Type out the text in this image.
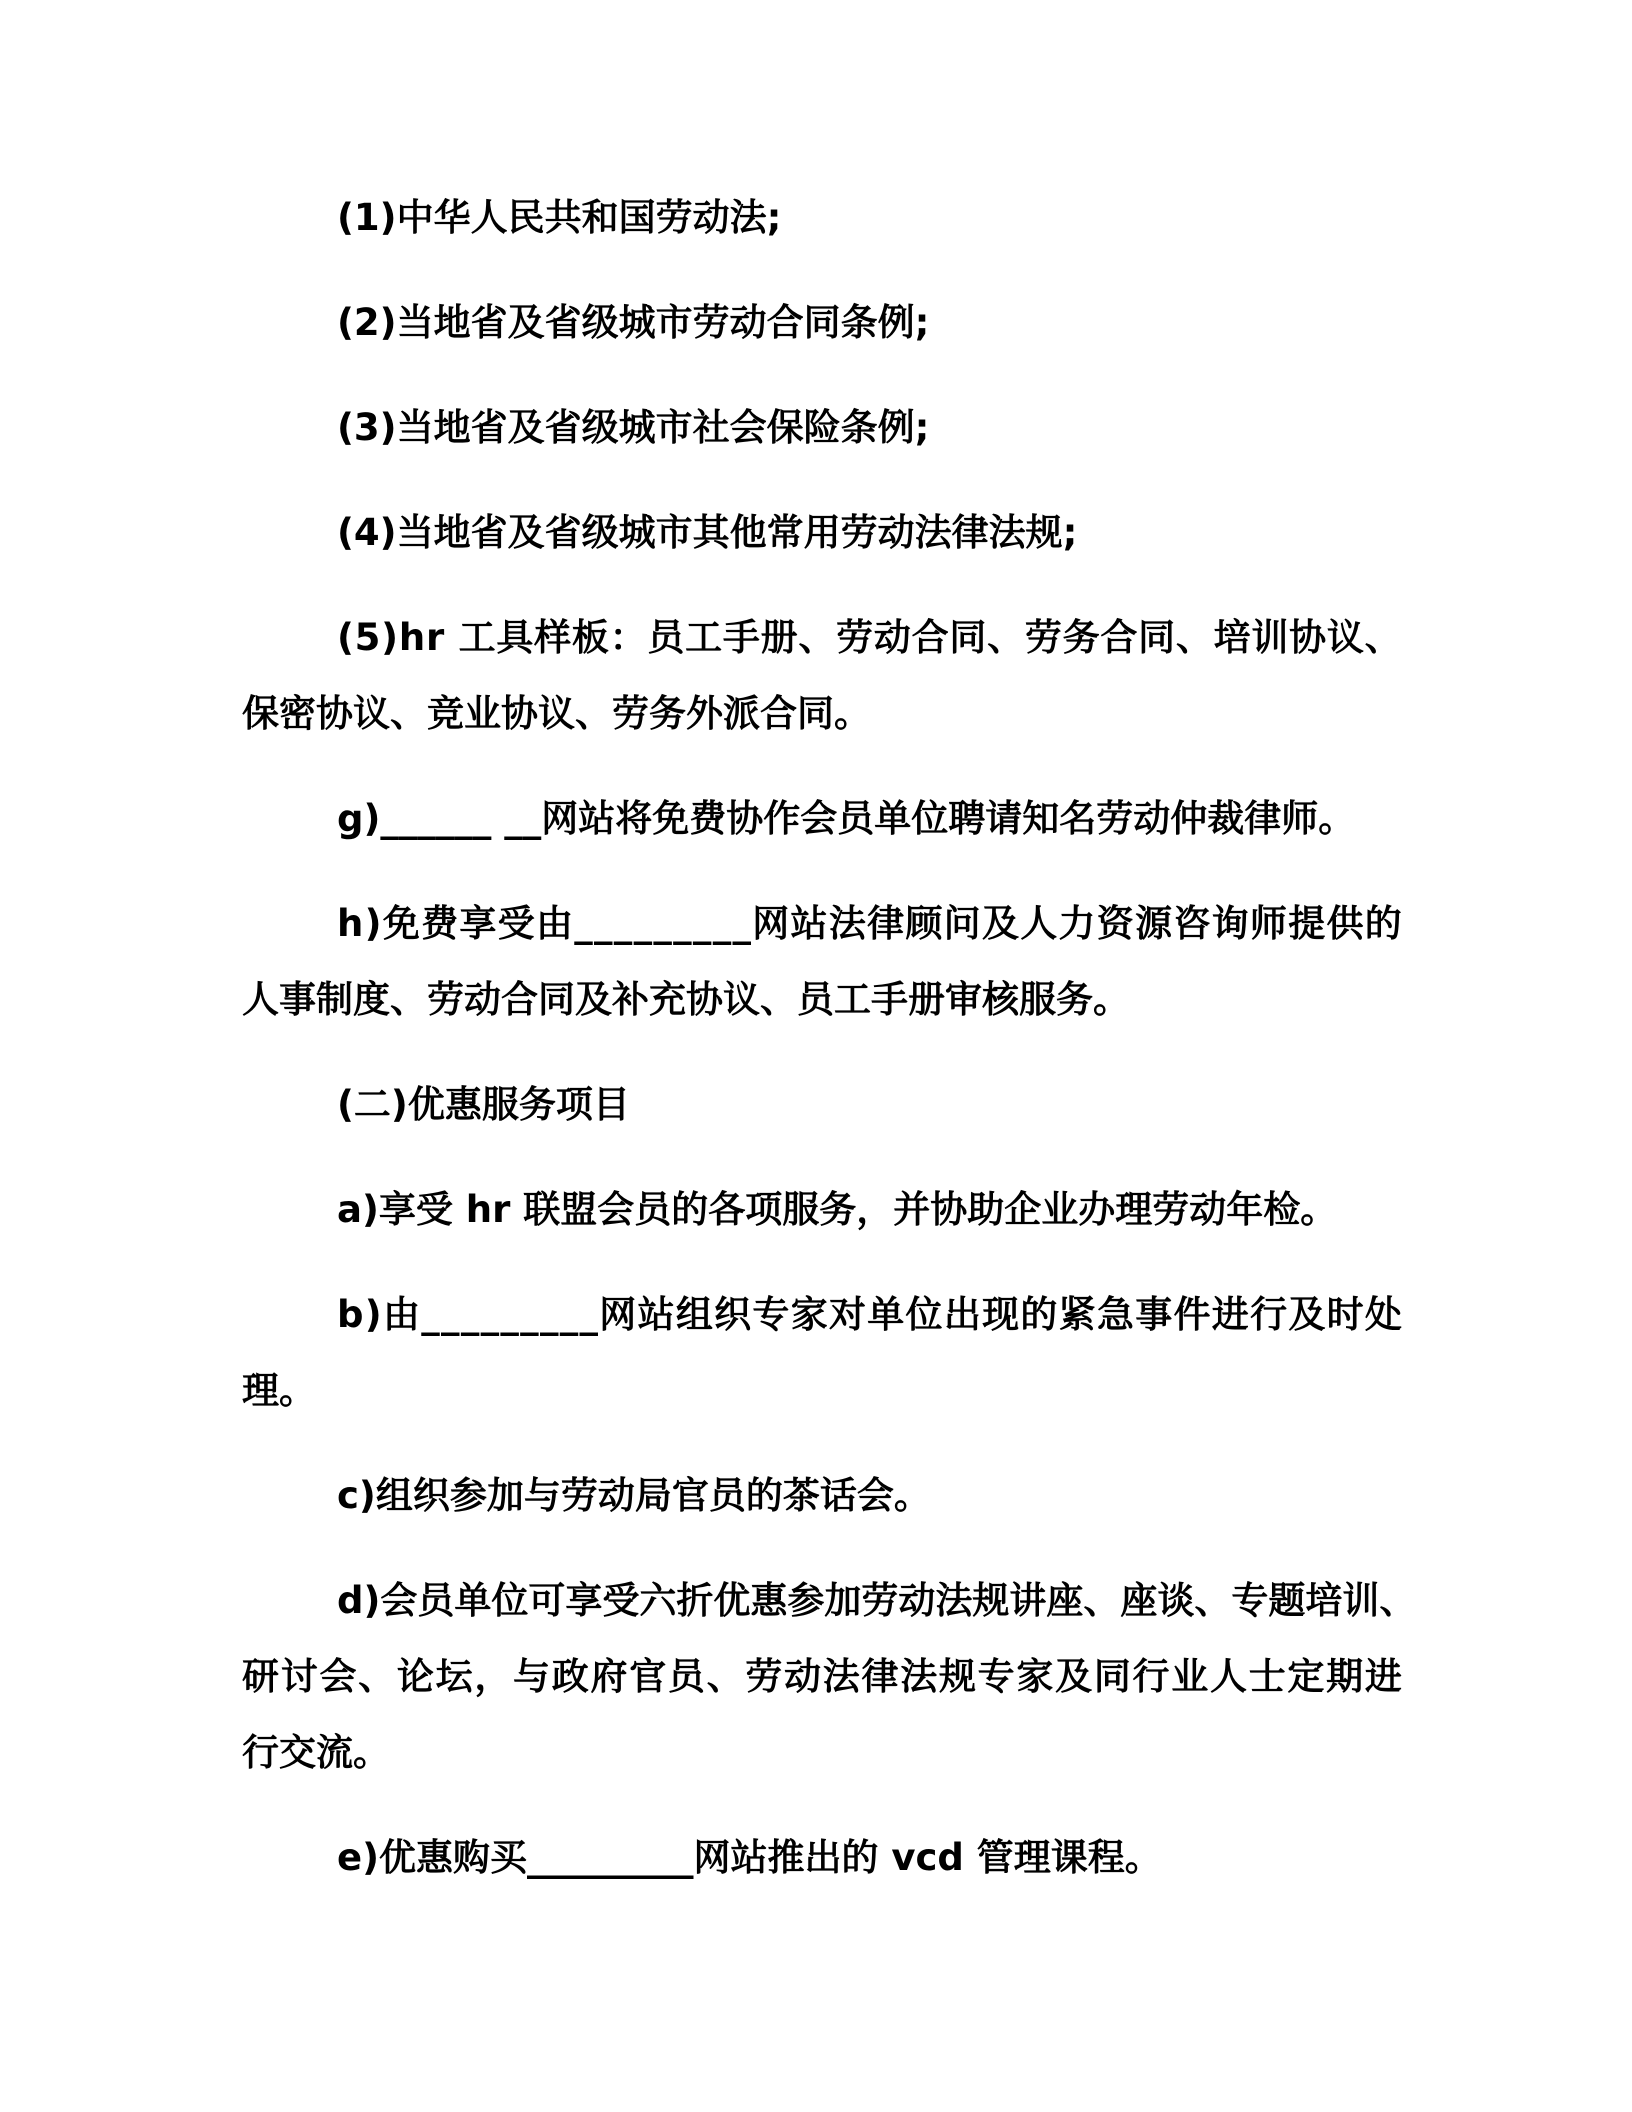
(1)中华人民共和国劳动法;
(2)当地省及省级城市劳动合同条例;
(3)当地省及省级城市社会保险条例;
(4)当地省及省级城市其他常用劳动法律法规;
( 5 ) h r
工 具 样 板 ： 员 工 手 册 、 劳 动 合 同 、 劳 务 合 同 、 培 训 协 议 、
保密协议、竞业协议、劳务外派合同。
g)______ __网站将免费协作会员单位聘请知名劳动仲裁律师。
h ) 免 费 享 受 由 _ _ _ _ _ _ _ _ _ 网 站 法 律 顾 问 及 人 力 资 源 咨 询 师 提 供 的
人事制度、劳动合同及补充协议、员工手册审核服务。
(二)优惠服务项目
a)享受 hr 联盟会员的各项服务，并协助企业办理劳动年检。
b ) 由 _ _ _ _ _ _ _ _ _ 网 站 组 织 专 家 对 单 位 出 现 的 紧 急 事 件 进 行 及 时 处
理。
c)组织参加与劳动局官员的茶话会。
d ) 会 员 单 位 可 享 受 六 折 优 惠 参 加 劳 动 法 规 讲 座 、 座 谈 、 专 题 培 训 、
研 讨 会 、 论 坛 ， 与 政 府 官 员 、 劳 动 法 律 法 规 专 家 及 同 行 业 人 士 定 期 进
行交流。
e)优惠购买_________网站推出的 vcd 管理课程。
